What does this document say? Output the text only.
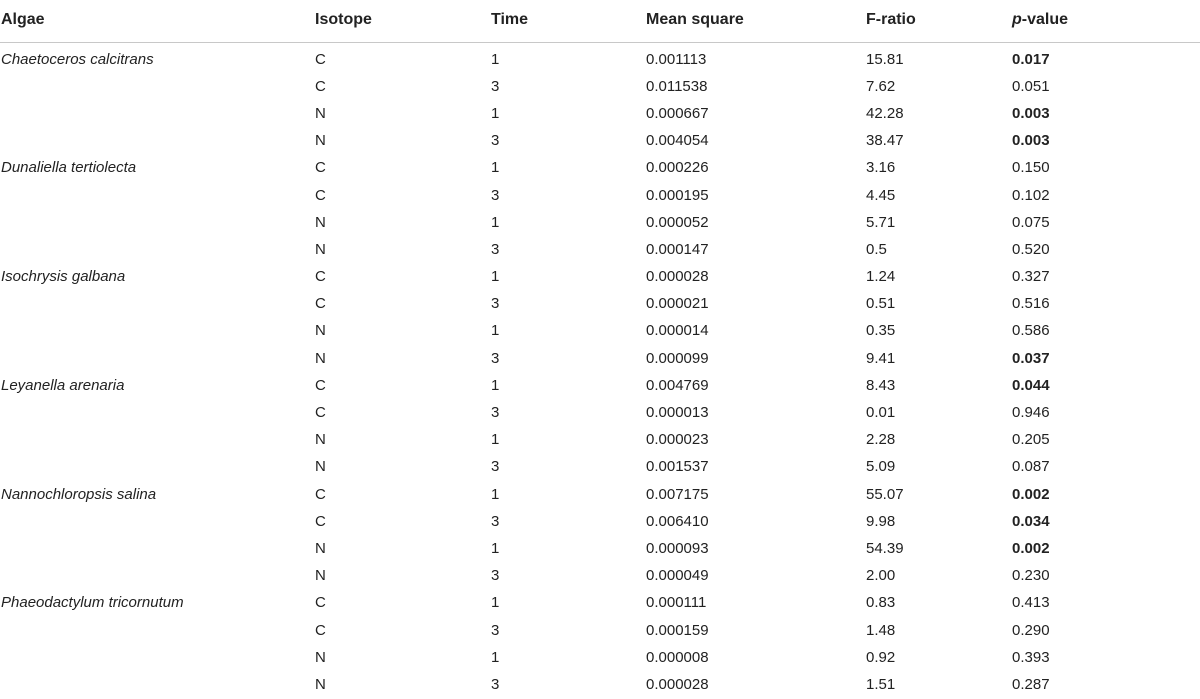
Algae	Isotope	Time	Mean square	F-ratio	p-value
Chaetoceros calcitrans	C	1	0.001113	15.81	0.017
	C	3	0.011538	7.62	0.051
	N	1	0.000667	42.28	0.003
	N	3	0.004054	38.47	0.003
Dunaliella tertiolecta	C	1	0.000226	3.16	0.150
	C	3	0.000195	4.45	0.102
	N	1	0.000052	5.71	0.075
	N	3	0.000147	0.5	0.520
Isochrysis galbana	C	1	0.000028	1.24	0.327
	C	3	0.000021	0.51	0.516
	N	1	0.000014	0.35	0.586
	N	3	0.000099	9.41	0.037
Leyanella arenaria	C	1	0.004769	8.43	0.044
	C	3	0.000013	0.01	0.946
	N	1	0.000023	2.28	0.205
	N	3	0.001537	5.09	0.087
Nannochloropsis salina	C	1	0.007175	55.07	0.002
	C	3	0.006410	9.98	0.034
	N	1	0.000093	54.39	0.002
	N	3	0.000049	2.00	0.230
Phaeodactylum tricornutum	C	1	0.000111	0.83	0.413
	C	3	0.000159	1.48	0.290
	N	1	0.000008	0.92	0.393
	N	3	0.000028	1.51	0.287
